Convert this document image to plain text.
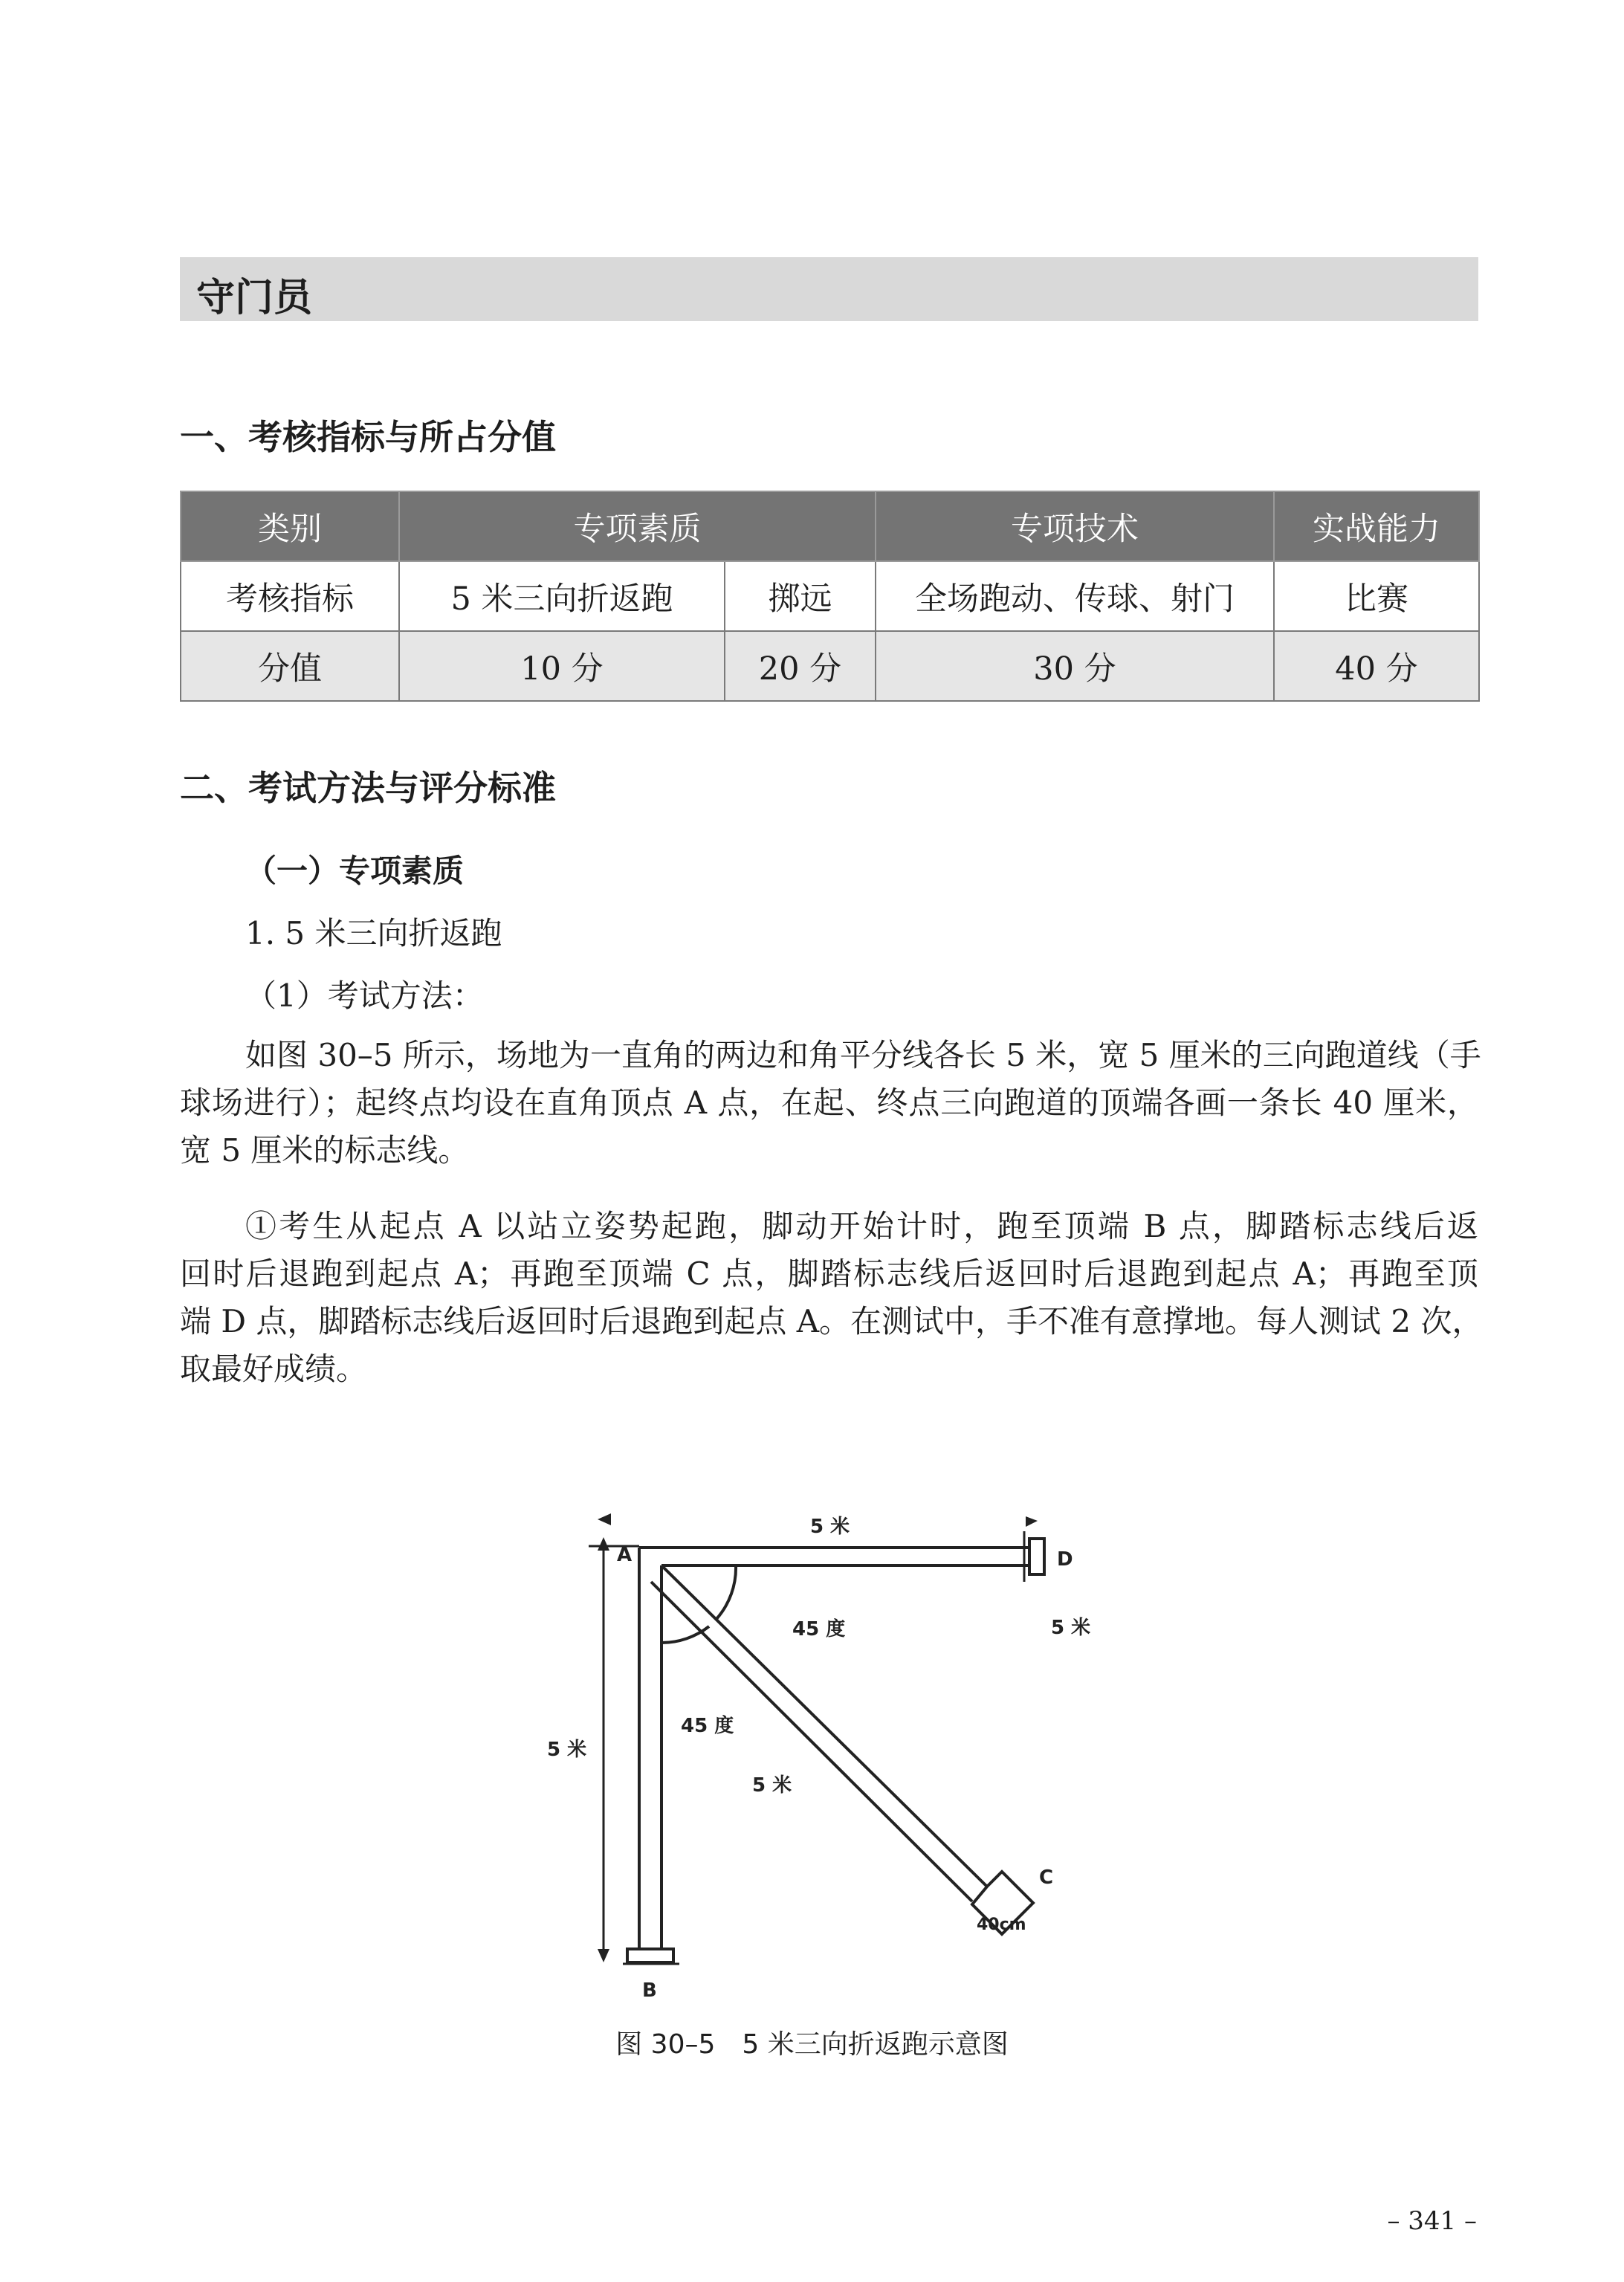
守门员
一、考核指标与所占分值
类别	专项素质		专项技术	实战能力
考核指标	5 米三向折返跑	掷远	全场跑动、传球、射门	比赛
分值	10 分	20 分	30 分	40 分
二、考试方法与评分标准
（一）专项素质
1. 5 米三向折返跑
（1）考试方法：
如图 30–5 所示，场地为一直角的两边和角平分线各长 5 米，宽 5 厘米的三向跑道线（手
球场进行）；起终点均设在直角顶点 A 点，在起、终点三向跑道的顶端各画一条长 40 厘米，
宽 5 厘米的标志线。
①考生从起点 A 以站立姿势起跑，脚动开始计时，跑至顶端 B 点，脚踏标志线后返
回时后退跑到起点 A；再跑至顶端 C 点，脚踏标志线后返回时后退跑到起点 A；再跑至顶
端 D 点，脚踏标志线后返回时后退跑到起点 A。在测试中，手不准有意撑地。每人测试 2 次，
取最好成绩。
A
B
C
D
5 米
5 米
5 米
5 米
45 度
45 度
40cm
图 30–5　5 米三向折返跑示意图
– 341 –
